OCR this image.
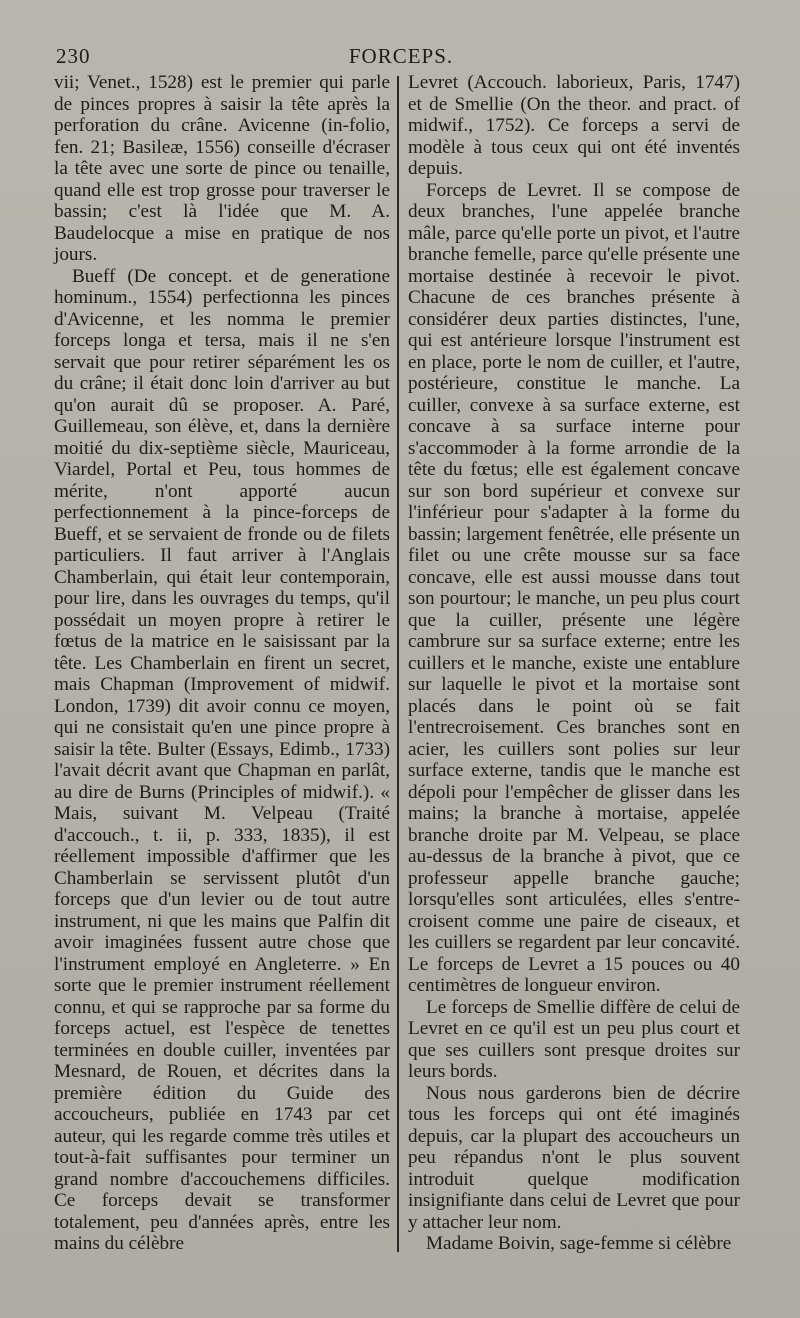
230	FORCEPS.

vii; Venet., 1528) est le premier qui parle de pinces propres à saisir la tête après la perforation du crâne. Avicenne (in-folio, fen. 21; Basileæ, 1556) conseille d'écraser la tête avec une sorte de pince ou tenaille, quand elle est trop grosse pour traverser le bassin; c'est là l'idée que M. A. Baudelocque a mise en pratique de nos jours.

Bueff (De concept. et de generatione hominum., 1554) perfectionna les pinces d'Avicenne, et les nomma le premier forceps longa et tersa, mais il ne s'en servait que pour retirer séparément les os du crâne; il était donc loin d'arriver au but qu'on aurait dû se proposer. A. Paré, Guillemeau, son élève, et, dans la dernière moitié du dix-septième siècle, Mauriceau, Viardel, Portal et Peu, tous hommes de mérite, n'ont apporté aucun perfectionnement à la pince-forceps de Bueff, et se servaient de fronde ou de filets particuliers. Il faut arriver à l'Anglais Chamberlain, qui était leur contemporain, pour lire, dans les ouvrages du temps, qu'il possédait un moyen propre à retirer le fœtus de la matrice en le saisissant par la tête. Les Chamberlain en firent un secret, mais Chapman (Improvement of midwif. London, 1739) dit avoir connu ce moyen, qui ne consistait qu'en une pince propre à saisir la tête. Bulter (Essays, Edimb., 1733) l'avait décrit avant que Chapman en parlât, au dire de Burns (Principles of midwif.). « Mais, suivant M. Velpeau (Traité d'accouch., t. ii, p. 333, 1835), il est réellement impossible d'affirmer que les Chamberlain se servissent plutôt d'un forceps que d'un levier ou de tout autre instrument, ni que les mains que Palfin dit avoir imaginées fussent autre chose que l'instrument employé en Angleterre. » En sorte que le premier instrument réellement connu, et qui se rapproche par sa forme du forceps actuel, est l'espèce de tenettes terminées en double cuiller, inventées par Mesnard, de Rouen, et décrites dans la première édition du Guide des accoucheurs, publiée en 1743 par cet auteur, qui les regarde comme très utiles et tout-à-fait suffisantes pour terminer un grand nombre d'accouchemens difficiles. Ce forceps devait se transformer totalement, peu d'années après, entre les mains du célèbre

Levret (Accouch. laborieux, Paris, 1747) et de Smellie (On the theor. and pract. of midwif., 1752). Ce forceps a servi de modèle à tous ceux qui ont été inventés depuis.

Forceps de Levret. Il se compose de deux branches, l'une appelée branche mâle, parce qu'elle porte un pivot, et l'autre branche femelle, parce qu'elle présente une mortaise destinée à recevoir le pivot. Chacune de ces branches présente à considérer deux parties distinctes, l'une, qui est antérieure lorsque l'instrument est en place, porte le nom de cuiller, et l'autre, postérieure, constitue le manche. La cuiller, convexe à sa surface externe, est concave à sa surface interne pour s'accommoder à la forme arrondie de la tête du fœtus; elle est également concave sur son bord supérieur et convexe sur l'inférieur pour s'adapter à la forme du bassin; largement fenêtrée, elle présente un filet ou une crête mousse sur sa face concave, elle est aussi mousse dans tout son pourtour; le manche, un peu plus court que la cuiller, présente une légère cambrure sur sa surface externe; entre les cuillers et le manche, existe une entablure sur laquelle le pivot et la mortaise sont placés dans le point où se fait l'entrecroisement. Ces branches sont en acier, les cuillers sont polies sur leur surface externe, tandis que le manche est dépoli pour l'empêcher de glisser dans les mains; la branche à mortaise, appelée branche droite par M. Velpeau, se place au-dessus de la branche à pivot, que ce professeur appelle branche gauche; lorsqu'elles sont articulées, elles s'entre-croisent comme une paire de ciseaux, et les cuillers se regardent par leur concavité. Le forceps de Levret a 15 pouces ou 40 centimètres de longueur environ.

Le forceps de Smellie diffère de celui de Levret en ce qu'il est un peu plus court et que ses cuillers sont presque droites sur leurs bords.

Nous nous garderons bien de décrire tous les forceps qui ont été imaginés depuis, car la plupart des accoucheurs un peu répandus n'ont le plus souvent introduit quelque modification insignifiante dans celui de Levret que pour y attacher leur nom.

Madame Boivin, sage-femme si célèbre
